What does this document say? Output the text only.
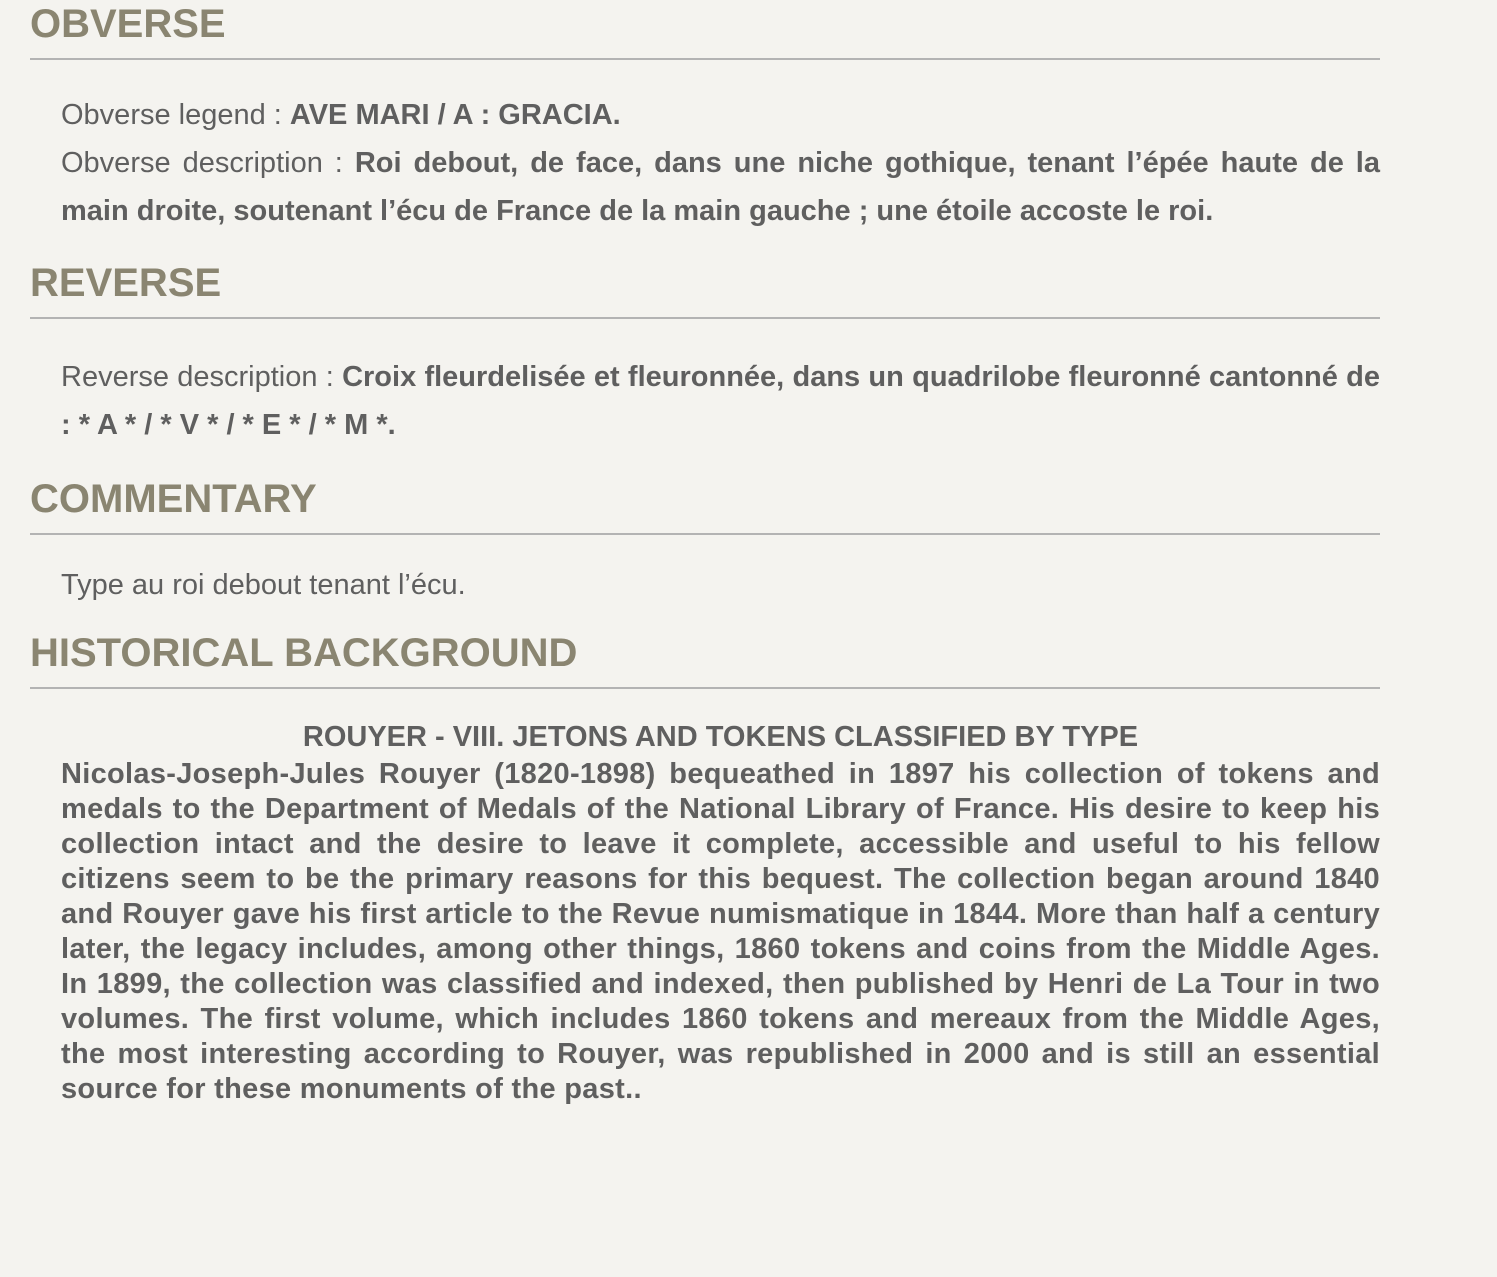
OBVERSE
Obverse legend : AVE MARI / A : GRACIA.
Obverse description : Roi debout, de face, dans une niche gothique, tenant l’épée haute de la main droite, soutenant l’écu de France de la main gauche ; une étoile accoste le roi.
REVERSE
Reverse description : Croix fleurdelisée et fleuronnée, dans un quadrilobe fleuronné cantonné de : * A * / * V * / * E * / * M *.
COMMENTARY
Type au roi debout tenant l’écu.
HISTORICAL BACKGROUND
ROUYER - VIII. JETONS AND TOKENS CLASSIFIED BY TYPE
Nicolas-Joseph-Jules Rouyer (1820-1898) bequeathed in 1897 his collection of tokens and medals to the Department of Medals of the National Library of France. His desire to keep his collection intact and the desire to leave it complete, accessible and useful to his fellow citizens seem to be the primary reasons for this bequest. The collection began around 1840 and Rouyer gave his first article to the Revue numismatique in 1844. More than half a century later, the legacy includes, among other things, 1860 tokens and coins from the Middle Ages. In 1899, the collection was classified and indexed, then published by Henri de La Tour in two volumes. The first volume, which includes 1860 tokens and mereaux from the Middle Ages, the most interesting according to Rouyer, was republished in 2000 and is still an essential source for these monuments of the past..
